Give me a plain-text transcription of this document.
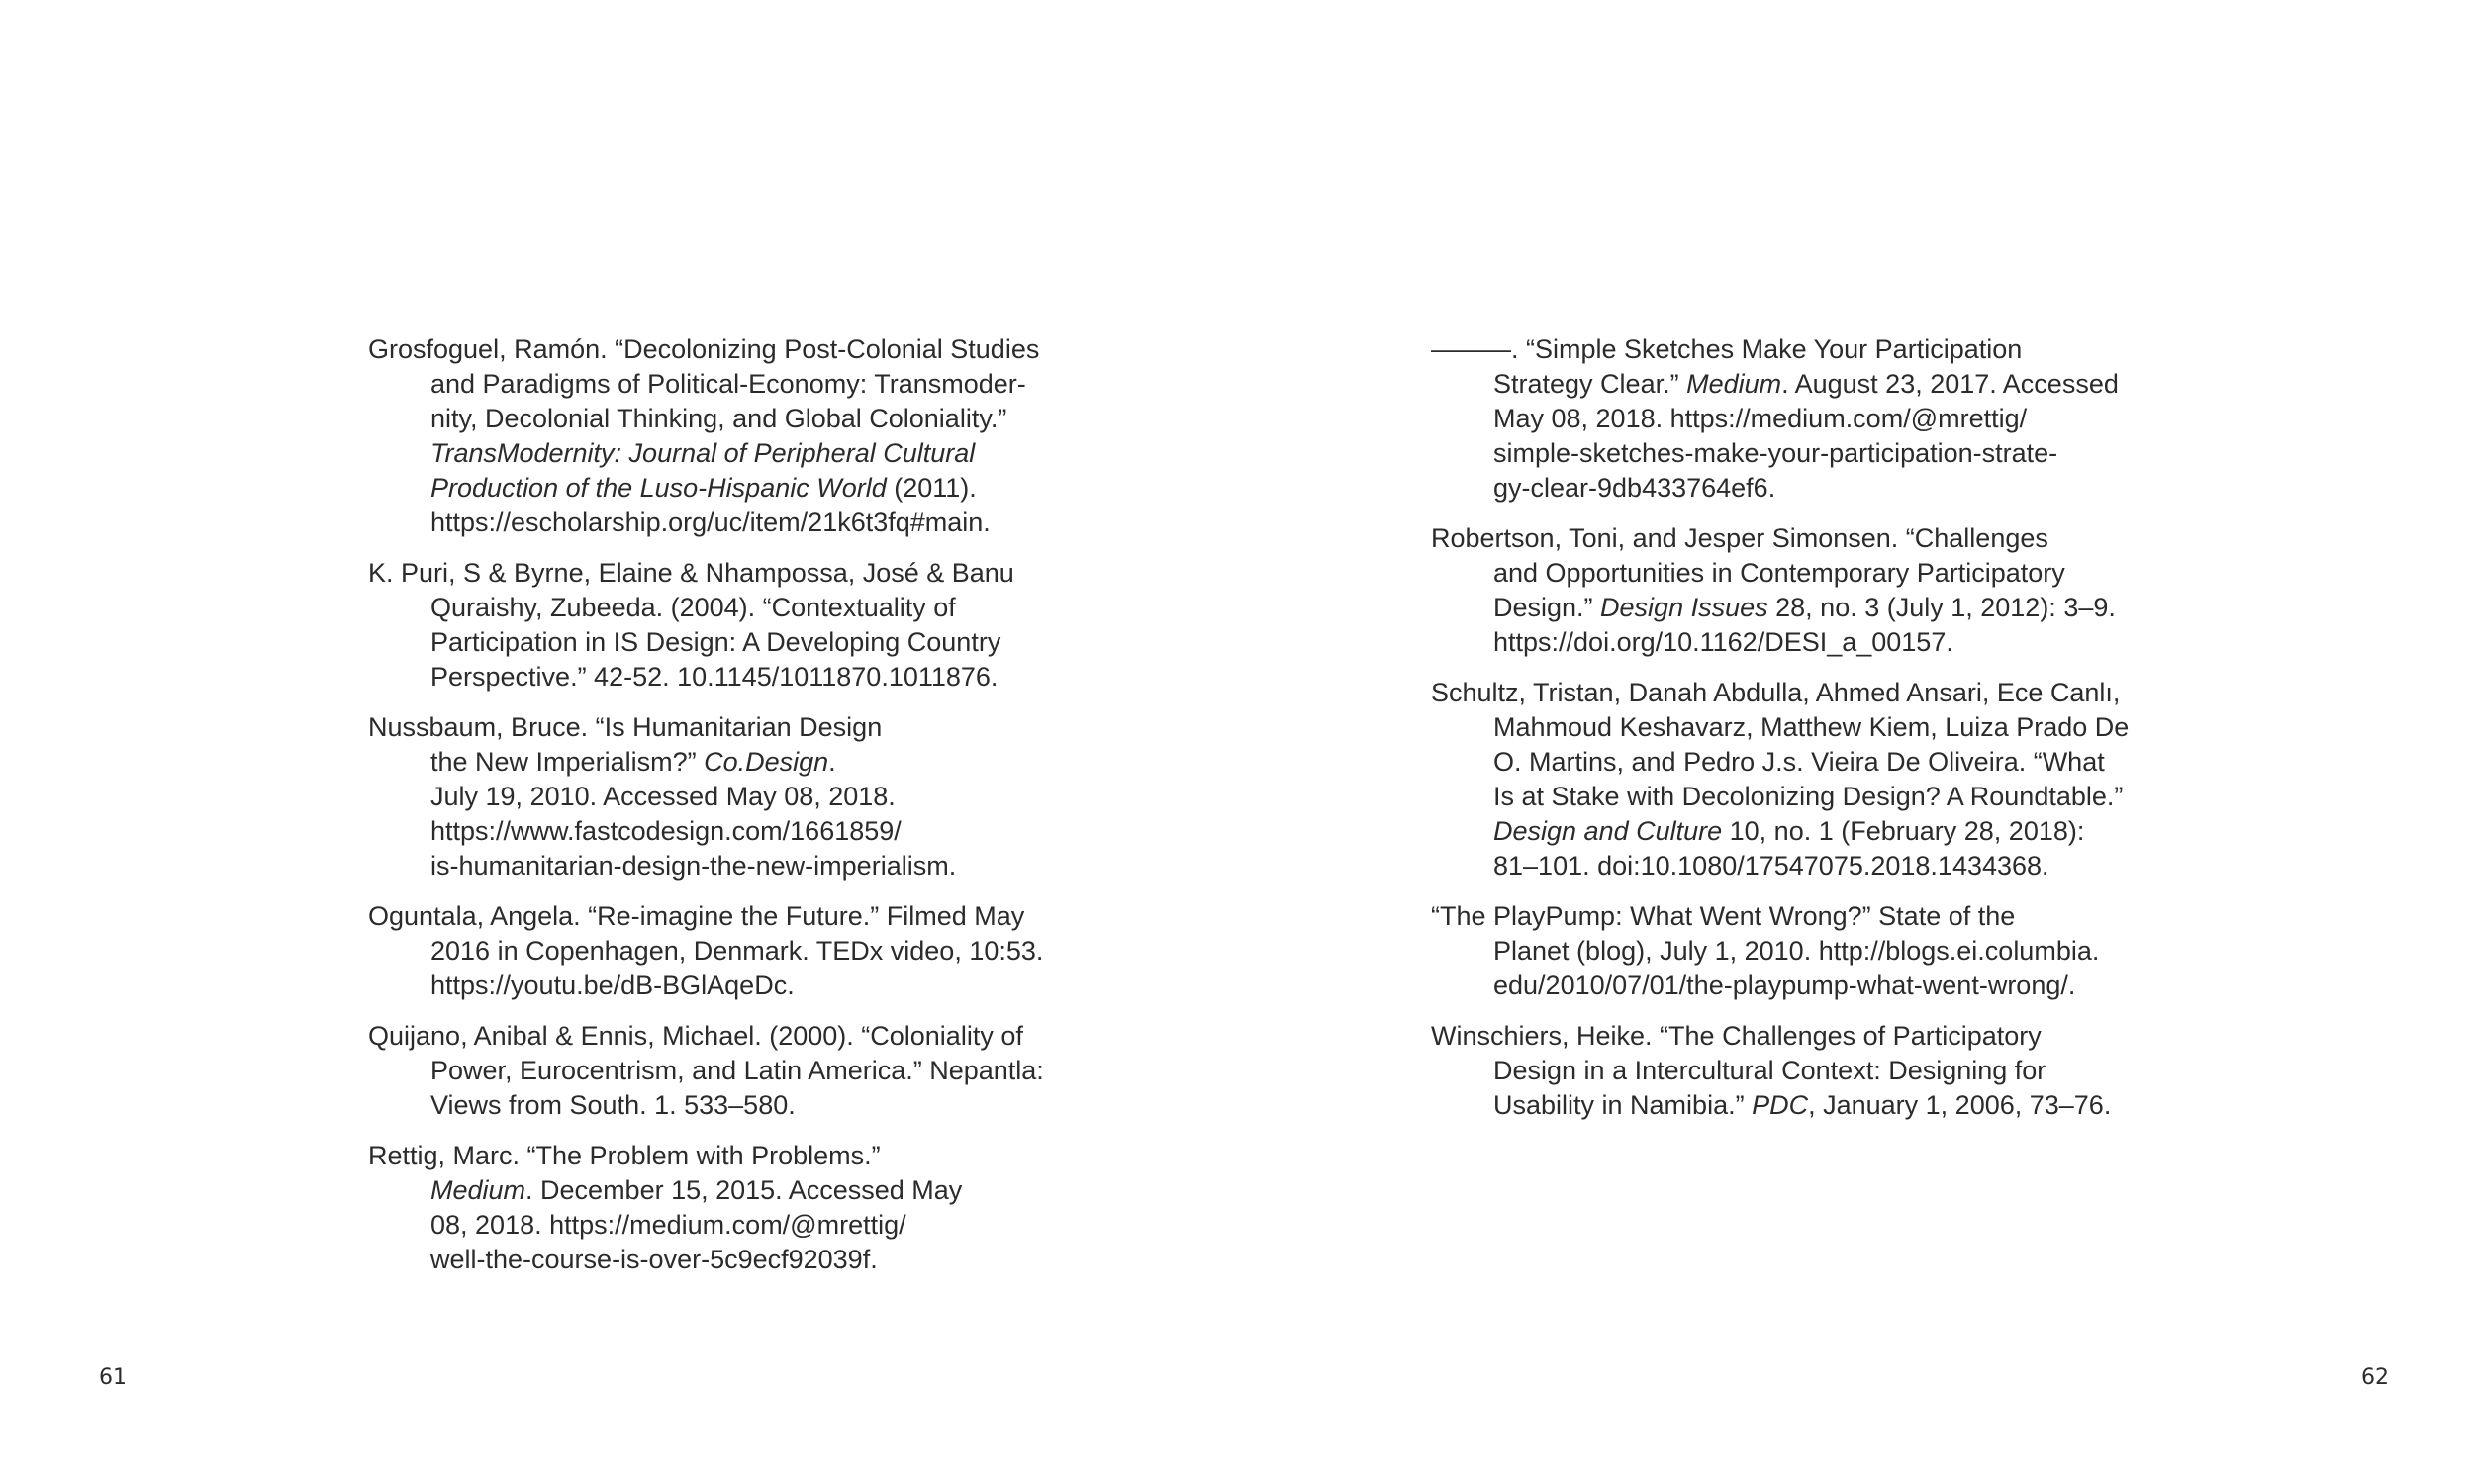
Grosfoguel, Ramón. “Decolonizing Post-Colonial Studies
and Paradigms of Political-Economy: Transmoder-
nity, Decolonial Thinking, and Global Coloniality.”
TransModernity: Journal of Peripheral Cultural
Production of the Luso-Hispanic World (2011).
https://escholarship.org/uc/item/21k6t3fq#main.
K. Puri, S & Byrne, Elaine & Nhampossa, José & Banu
Quraishy, Zubeeda. (2004). “Contextuality of
Participation in IS Design: A Developing Country
Perspective.” 42-52. 10.1145/1011870.1011876.
Nussbaum, Bruce. “Is Humanitarian Design
the New Imperialism?” Co.Design.
July 19, 2010. Accessed May 08, 2018.
https://www.fastcodesign.com/1661859/
is-humanitarian-design-the-new-imperialism.
Oguntala, Angela. “Re-imagine the Future.” Filmed May
2016 in Copenhagen, Denmark. TEDx video, 10:53.
https://youtu.be/dB-BGlAqeDc.
Quijano, Anibal & Ennis, Michael. (2000). “Coloniality of
Power, Eurocentrism, and Latin America.” Nepantla:
Views from South. 1. 533–580.
Rettig, Marc. “The Problem with Problems.”
Medium. December 15, 2015. Accessed May
08, 2018. https://medium.com/@mrettig/
well-the-course-is-over-5c9ecf92039f.
———. “Simple Sketches Make Your Participation
Strategy Clear.” Medium. August 23, 2017. Accessed
May 08, 2018. https://medium.com/@mrettig/
simple-sketches-make-your-participation-strate-
gy-clear-9db433764ef6.
Robertson, Toni, and Jesper Simonsen. “Challenges
and Opportunities in Contemporary Participatory
Design.” Design Issues 28, no. 3 (July 1, 2012): 3–9.
https://doi.org/10.1162/DESI_a_00157.
Schultz, Tristan, Danah Abdulla, Ahmed Ansari, Ece Canlı,
Mahmoud Keshavarz, Matthew Kiem, Luiza Prado De
O. Martins, and Pedro J.s. Vieira De Oliveira. “What
Is at Stake with Decolonizing Design? A Roundtable.”
Design and Culture 10, no. 1 (February 28, 2018):
81–101. doi:10.1080/17547075.2018.1434368.
“The PlayPump: What Went Wrong?” State of the
Planet (blog), July 1, 2010. http://blogs.ei.columbia.
edu/2010/07/01/the-playpump-what-went-wrong/.
Winschiers, Heike. “The Challenges of Participatory
Design in a Intercultural Context: Designing for
Usability in Namibia.” PDC, January 1, 2006, 73–76.
61	62
